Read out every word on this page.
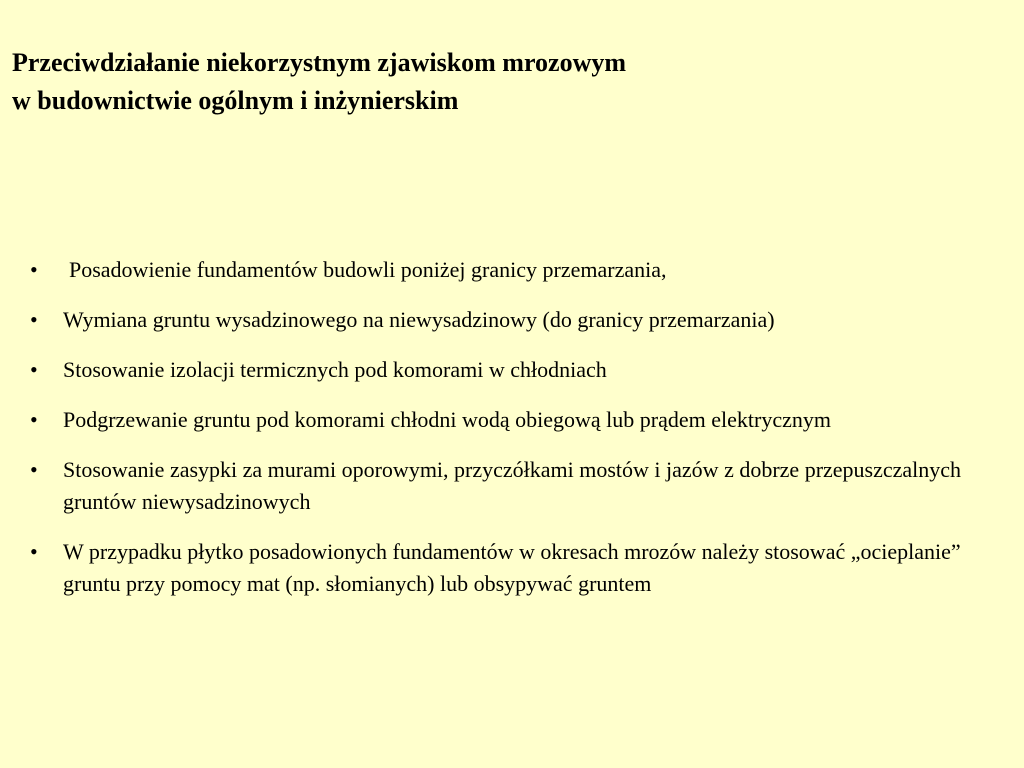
Przeciwdziałanie niekorzystnym zjawiskom mrozowym
w budownictwie ogólnym i inżynierskim
•	Posadowienie fundamentów budowli poniżej granicy przemarzania,
•	Wymiana gruntu wysadzinowego na niewysadzinowy (do granicy przemarzania)
•	Stosowanie izolacji termicznych pod komorami w chłodniach
•	Podgrzewanie gruntu pod komorami chłodni wodą obiegową lub prądem elektrycznym
•	Stosowanie zasypki za murami oporowymi, przyczółkami mostów i jazów z dobrze przepuszczalnych gruntów niewysadzinowych
•	W przypadku płytko posadowionych fundamentów w okresach mrozów należy stosować „ocieplanie” gruntu przy pomocy mat (np. słomianych) lub obsypywać gruntem
